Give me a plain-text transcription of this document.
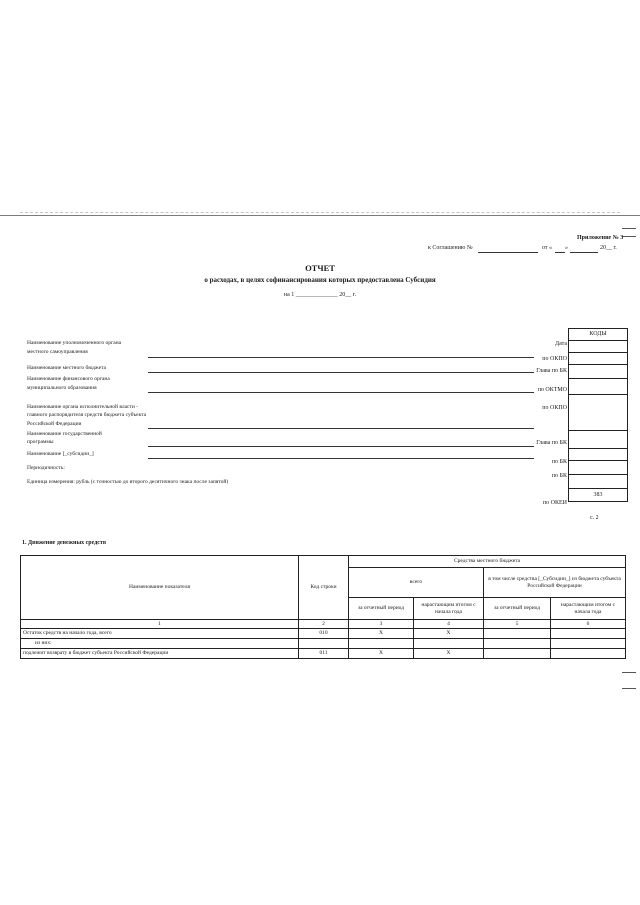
Приложение № 3
к Соглашению №	от « »	20__ г.
ОТЧЕТ
о расходах, в целях софинансирования которых предоставлена Субсидия
на 1 ______________ 20__ г.
КОДЫ
383
Дата
по ОКПО
Глава по БК
по ОКТМО
по ОКПО
Глава по БК
по БК
по БК
по ОКЕИ
с. 2
Наименование уполномоченного органа местного самоуправления
Наименование местного бюджета
Наименование финансового органа муниципального образования
Наименование органа исполнительной власти - главного распорядителя средств бюджета субъекта Российской Федерации
Наименование государственной программы
Наименование [_субсидии_]
Периодичность:
Единица измерения: рубль (с точностью до второго десятичного знака после запятой)
1. Движение денежных средств
Наименование показателя	Код строки	Средства местного бюджета			
		всего		в том числе средства [_Субсидии_] из бюджета субъекта Российской Федерации	
		за отчетный период	нарастающим итогом с начала года	за отчетный период	нарастающим итогом с начала года
1	2	3	4	5	6
Остаток средств на начало года, всего	010	X	X		
из них:					
подлежит возврату в бюджет субъекта Российской Федерации	011	X	X		
